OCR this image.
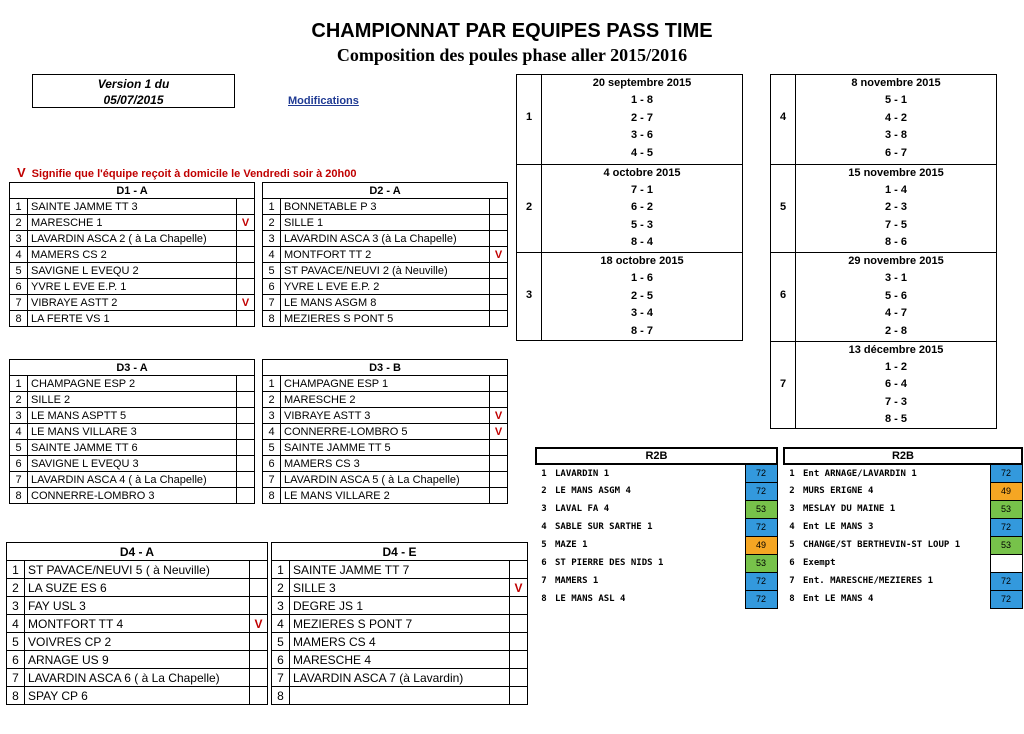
CHAMPIONNAT PAR EQUIPES PASS TIME
Composition des poules phase aller 2015/2016
Version 1 du
05/07/2015	Modifications
V Signifie que l'équipe reçoit à domicile le Vendredi soir à 20h00
D1 - A		
1	SAINTE JAMME TT 3	
2	MARESCHE 1	V
3	LAVARDIN ASCA 2 ( à La Chapelle)	
4	MAMERS CS 2	
5	SAVIGNE L EVEQU 2	
6	YVRE L EVE E.P. 1	
7	VIBRAYE ASTT 2	V
8	LA FERTE VS 1	
D2 - A		
1	BONNETABLE P 3	
2	SILLE 1	
3	LAVARDIN ASCA 3 (à La Chapelle)	
4	MONTFORT TT 2	V
5	ST PAVACE/NEUVI 2 (à Neuville)	
6	YVRE L EVE E.P. 2	
7	LE MANS ASGM 8	
8	MEZIERES S PONT 5	
D3 - A		
1	CHAMPAGNE ESP 2	
2	SILLE 2	
3	LE MANS ASPTT 5	
4	LE MANS VILLARE 3	
5	SAINTE JAMME TT 6	
6	SAVIGNE L EVEQU 3	
7	LAVARDIN ASCA 4 ( à La Chapelle)	
8	CONNERRE-LOMBRO 3	
D3 - B		
1	CHAMPAGNE ESP 1	
2	MARESCHE 2	
3	VIBRAYE ASTT 3	V
4	CONNERRE-LOMBRO 5	V
5	SAINTE JAMME TT 5	
6	MAMERS CS 3	
7	LAVARDIN ASCA 5 ( à La Chapelle)	
8	LE MANS VILLARE 2	
D4 - A		
1	ST PAVACE/NEUVI 5 ( à Neuville)	
2	LA SUZE ES 6	
3	FAY USL 3	
4	MONTFORT TT 4	V
5	VOIVRES CP 2	
6	ARNAGE US 9	
7	LAVARDIN ASCA 6 ( à La Chapelle)	
8	SPAY CP 6	
D4 - E		
1	SAINTE JAMME TT 7	
2	SILLE 3	V
3	DEGRE JS 1	
4	MEZIERES S PONT 7	
5	MAMERS CS 4	
6	MARESCHE 4	
7	LAVARDIN ASCA 7 (à Lavardin)	
8		
1
20 septembre 2015
1 - 8
2 - 7
3 - 6
4 - 5
2
4 octobre 2015
7 - 1
6 - 2
5 - 3
8 - 4
3
18 octobre 2015
1 - 6
2 - 5
3 - 4
8 - 7
4
8 novembre 2015
5 - 1
4 - 2
3 - 8
6 - 7
5
15 novembre 2015
1 - 4
2 - 3
7 - 5
8 - 6
6
29 novembre 2015
3 - 1
5 - 6
4 - 7
2 - 8
7
13 décembre 2015
1 - 2
6 - 4
7 - 3
8 - 5
R2B		
1	LAVARDIN 1	72
2	LE MANS ASGM 4	72
3	LAVAL FA 4	53
4	SABLE SUR SARTHE 1	72
5	MAZE 1	49
6	ST PIERRE DES NIDS 1	53
7	MAMERS 1	72
8	LE MANS ASL 4	72
R2B		
1	Ent ARNAGE/LAVARDIN 1	72
2	MURS ERIGNE 4	49
3	MESLAY DU MAINE 1	53
4	Ent LE MANS 3	72
5	CHANGE/ST BERTHEVIN-ST LOUP 1	53
6	Exempt	
7	Ent. MARESCHE/MEZIERES 1	72
8	Ent LE MANS 4	72
